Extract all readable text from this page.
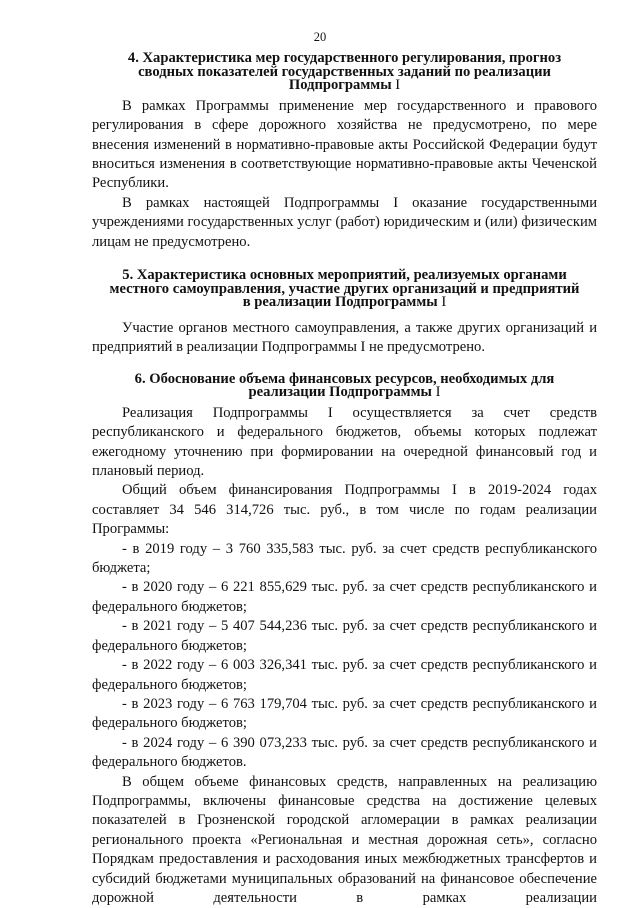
20
4. Характеристика мер государственного регулирования, прогноз
сводных показателей государственных заданий по реализации
Подпрограммы I

В рамках Программы применение мер государственного и правового регулирования в сфере дорожного хозяйства не предусмотрено, по мере внесения изменений в нормативно-правовые акты Российской Федерации будут вноситься изменения в соответствующие нормативно-правовые акты Чеченской Республики.

В рамках настоящей Подпрограммы I оказание государственными учреждениями государственных услуг (работ) юридическим и (или) физическим лицам не предусмотрено.

5. Характеристика основных мероприятий, реализуемых органами
местного самоуправления, участие других организаций и предприятий
в реализации Подпрограммы I

Участие органов местного самоуправления, а также других организаций и предприятий в реализации Подпрограммы I не предусмотрено.

6. Обоснование объема финансовых ресурсов, необходимых для
реализации Подпрограммы I

Реализация Подпрограммы I осуществляется за счет средств республиканского и федерального бюджетов, объемы которых подлежат ежегодному уточнению при формировании на очередной финансовый год и плановый период.

Общий объем финансирования Подпрограммы I в 2019-2024 годах составляет 34 546 314,726 тыс. руб., в том числе по годам реализации Программы:

- в 2019 году – 3 760 335,583 тыс. руб. за счет средств республиканского бюджета;

- в 2020 году – 6 221 855,629 тыс. руб. за счет средств республиканского и федерального бюджетов;

- в 2021 году – 5 407 544,236 тыс. руб. за счет средств республиканского и федерального бюджетов;

- в 2022 году – 6 003 326,341 тыс. руб. за счет средств республиканского и федерального бюджетов;

- в 2023 году – 6 763 179,704 тыс. руб. за счет средств республиканского и федерального бюджетов;

- в 2024 году – 6 390 073,233 тыс. руб. за счет средств республиканского и федерального бюджетов.

В общем объеме финансовых средств, направленных на реализацию Подпрограммы, включены финансовые средства на достижение целевых показателей в Грозненской городской агломерации в рамках реализации регионального проекта «Региональная и местная дорожная сеть», согласно Порядкам предоставления и расходования иных межбюджетных трансфертов и субсидий бюджетами муниципальных образований на финансовое обеспечение дорожной деятельности в рамках реализации
